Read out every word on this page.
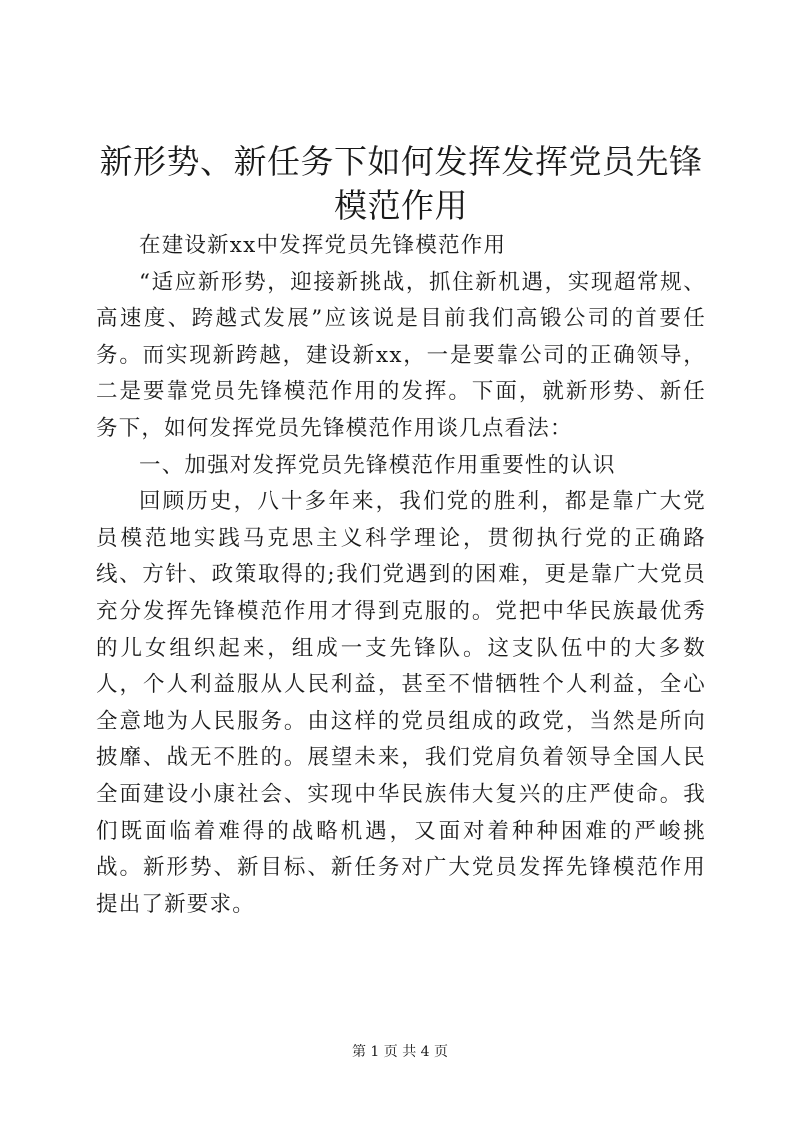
新形势、新任务下如何发挥发挥党员先锋模范作用

在建设新xx中发挥党员先锋模范作用

“适应新形势，迎接新挑战，抓住新机遇，实现超常规、高速度、跨越式发展”应该说是目前我们高锻公司的首要任务。而实现新跨越，建设新xx，一是要靠公司的正确领导，二是要靠党员先锋模范作用的发挥。下面，就新形势、新任务下，如何发挥党员先锋模范作用谈几点看法：

一、加强对发挥党员先锋模范作用重要性的认识

回顾历史，八十多年来，我们党的胜利，都是靠广大党员模范地实践马克思主义科学理论，贯彻执行党的正确路线、方针、政策取得的;我们党遇到的困难，更是靠广大党员充分发挥先锋模范作用才得到克服的。党把中华民族最优秀的儿女组织起来，组成一支先锋队。这支队伍中的大多数人，个人利益服从人民利益，甚至不惜牺牲个人利益，全心全意地为人民服务。由这样的党员组成的政党，当然是所向披靡、战无不胜的。展望未来，我们党肩负着领导全国人民全面建设小康社会、实现中华民族伟大复兴的庄严使命。我们既面临着难得的战略机遇，又面对着种种困难的严峻挑战。新形势、新目标、新任务对广大党员发挥先锋模范作用提出了新要求。

第 1 页 共 4 页
